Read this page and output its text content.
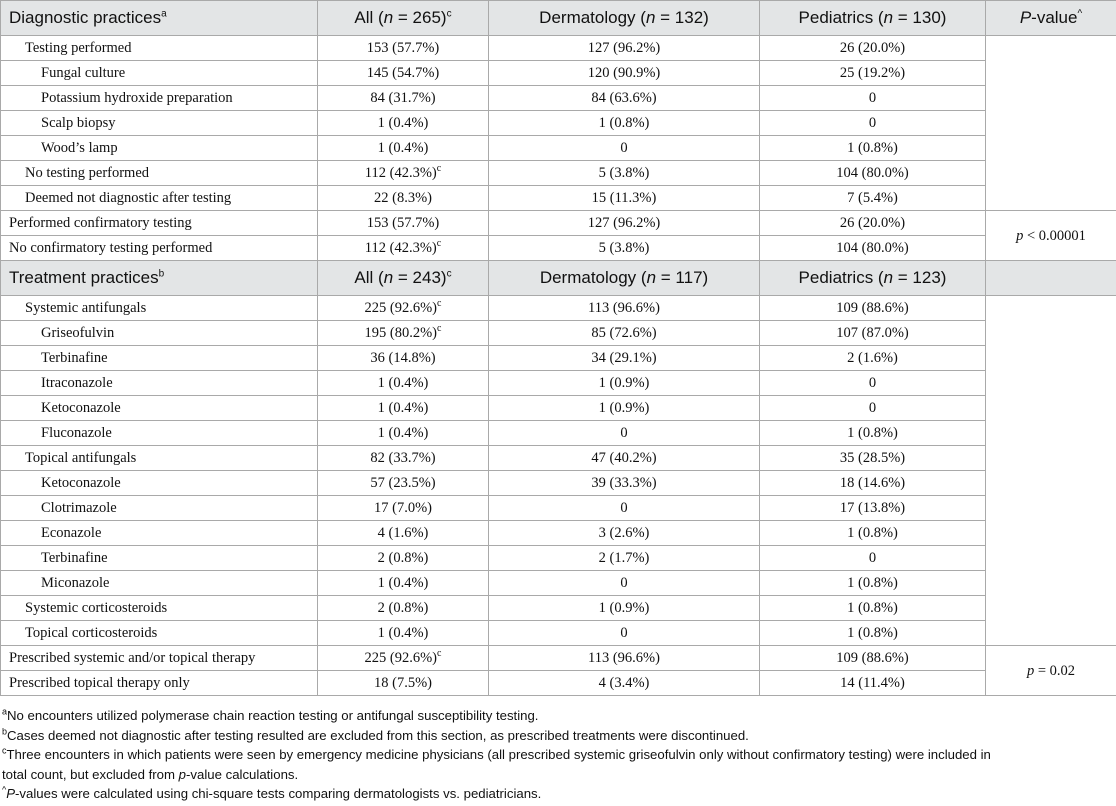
Diagnostic practices$^a$	All (n = 265)$^c$	Dermatology (n = 132)	Pediatrics (n = 130)	P-value^
Testing performed	153 (57.7%)	127 (96.2%)	26 (20.0%)	
Fungal culture	145 (54.7%)	120 (90.9%)	25 (19.2%)	
Potassium hydroxide preparation	84 (31.7%)	84 (63.6%)	0	
Scalp biopsy	1 (0.4%)	1 (0.8%)	0	
Wood’s lamp	1 (0.4%)	0	1 (0.8%)	
No testing performed	112 $(42.3\%)^c$	5 (3.8%)	104 (80.0%)	
Deemed not diagnostic after testing	22 (8.3%)	15 (11.3%)	7 (5.4%)	
Performed confirmatory testing	153 (57.7%)	127 (96.2%)	26 (20.0%)	p < 0.00001
No confirmatory testing performed	112 $(42.3\%)^c$	5 (3.8%)	104 (80.0%)	
Treatment practices$^b$	All (n = 243)$^c$	Dermatology (n = 117)	Pediatrics (n = 123)	
Systemic antifungals	225 $(92.6\%)^c$	113 (96.6%)	109 (88.6%)	
Griseofulvin	195 $(80.2\%)^c$	85 (72.6%)	107 (87.0%)	
Terbinafine	36 (14.8%)	34 (29.1%)	2 (1.6%)	
Itraconazole	1 (0.4%)	1 (0.9%)	0	
Ketoconazole	1 (0.4%)	1 (0.9%)	0	
Fluconazole	1 (0.4%)	0	1 (0.8%)	
Topical antifungals	82 (33.7%)	47 (40.2%)	35 (28.5%)	
Ketoconazole	57 (23.5%)	39 (33.3%)	18 (14.6%)	
Clotrimazole	17 (7.0%)	0	17 (13.8%)	
Econazole	4 (1.6%)	3 (2.6%)	1 (0.8%)	
Terbinafine	2 (0.8%)	2 (1.7%)	0	
Miconazole	1 (0.4%)	0	1 (0.8%)	
Systemic corticosteroids	2 (0.8%)	1 (0.9%)	1 (0.8%)	
Topical corticosteroids	1 (0.4%)	0	1 (0.8%)	
Prescribed systemic and/or topical therapy	225 $(92.6\%)^c$	113 (96.6%)	109 (88.6%)	p = 0.02
Prescribed topical therapy only	18 (7.5%)	4 (3.4%)	14 (11.4%)	

$^a$No encounters utilized polymerase chain reaction testing or antifungal susceptibility testing.

$^b$Cases deemed not diagnostic after testing resulted are excluded from this section, as prescribed treatments were discontinued.

$^c$Three encounters in which patients were seen by emergency medicine physicians (all prescribed systemic griseofulvin only without confirmatory testing) were included in

total count, but excluded from p-value calculations.

^P-values were calculated using chi-square tests comparing dermatologists vs. pediatricians.
